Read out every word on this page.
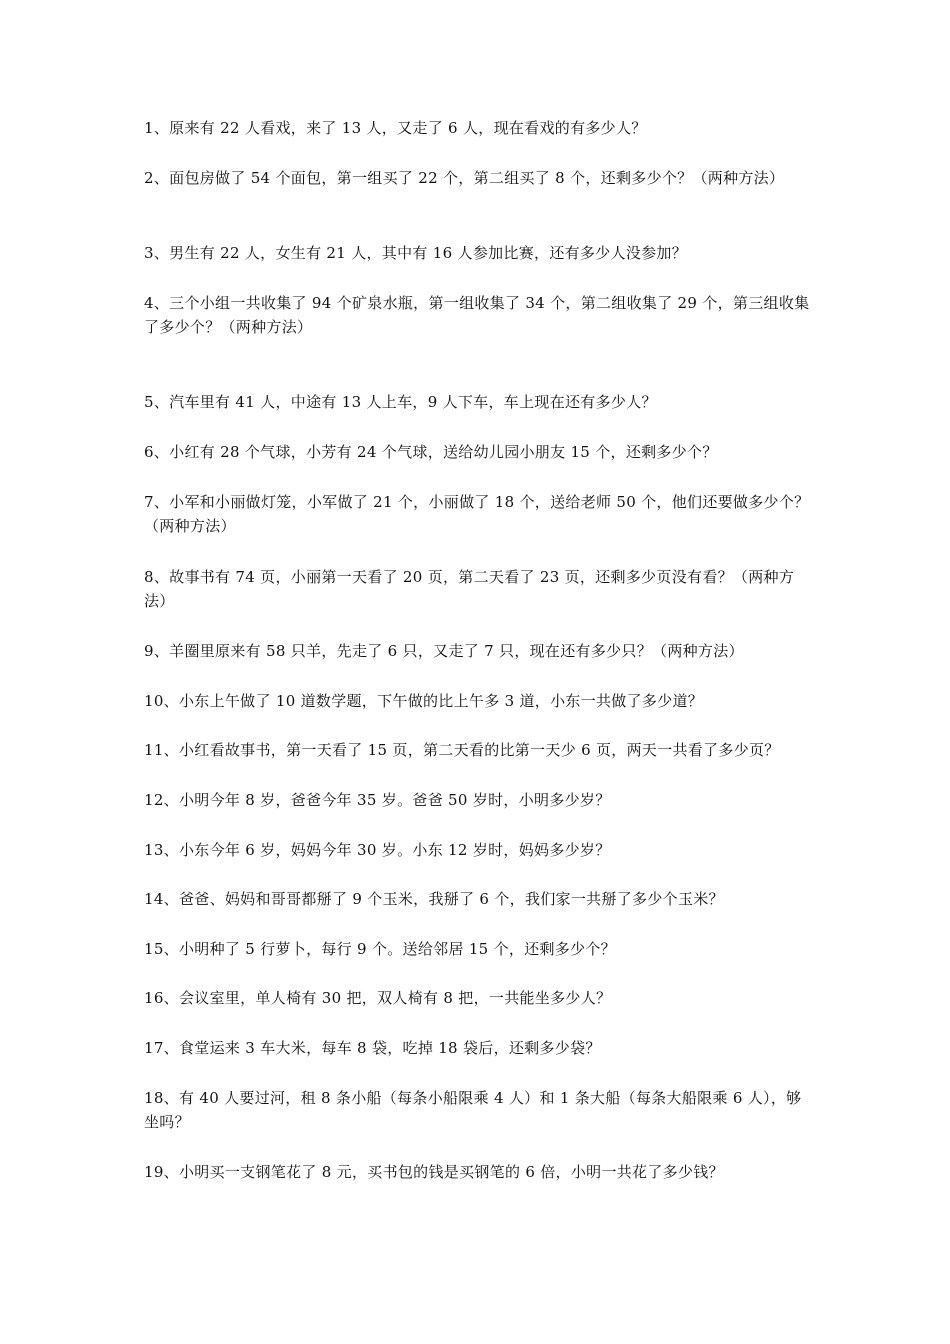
1、原来有 22 人看戏，来了 13 人，又走了 6 人，现在看戏的有多少人？

2、面包房做了 54 个面包，第一组买了 22 个，第二组买了 8 个，还剩多少个？（两种方法）

3、男生有 22 人，女生有 21 人，其中有 16 人参加比赛，还有多少人没参加？

4、三个小组一共收集了 94 个矿泉水瓶，第一组收集了 34 个，第二组收集了 29 个，第三组收集了多少个？（两种方法）

5、汽车里有 41 人，中途有 13 人上车，9 人下车，车上现在还有多少人？

6、小红有 28 个气球，小芳有 24 个气球，送给幼儿园小朋友 15 个，还剩多少个？

7、小军和小丽做灯笼，小军做了 21 个，小丽做了 18 个，送给老师 50 个，他们还要做多少个？（两种方法）

8、故事书有 74 页，小丽第一天看了 20 页，第二天看了 23 页，还剩多少页没有看？（两种方法）

9、羊圈里原来有 58 只羊，先走了 6 只，又走了 7 只，现在还有多少只？（两种方法）

10、小东上午做了 10 道数学题，下午做的比上午多 3 道，小东一共做了多少道？

11、小红看故事书，第一天看了 15 页，第二天看的比第一天少 6 页，两天一共看了多少页？

12、小明今年 8 岁，爸爸今年 35 岁。爸爸 50 岁时，小明多少岁？

13、小东今年 6 岁，妈妈今年 30 岁。小东 12 岁时，妈妈多少岁？

14、爸爸、妈妈和哥哥都掰了 9 个玉米，我掰了 6 个，我们家一共掰了多少个玉米？

15、小明种了 5 行萝卜，每行 9 个。送给邻居 15 个，还剩多少个？

16、会议室里，单人椅有 30 把，双人椅有 8 把，一共能坐多少人？

17、食堂运来 3 车大米，每车 8 袋，吃掉 18 袋后，还剩多少袋？

18、有 40 人要过河，租 8 条小船（每条小船限乘 4 人）和 1 条大船（每条大船限乘 6 人），够坐吗？

19、小明买一支钢笔花了 8 元，买书包的钱是买钢笔的 6 倍，小明一共花了多少钱？
